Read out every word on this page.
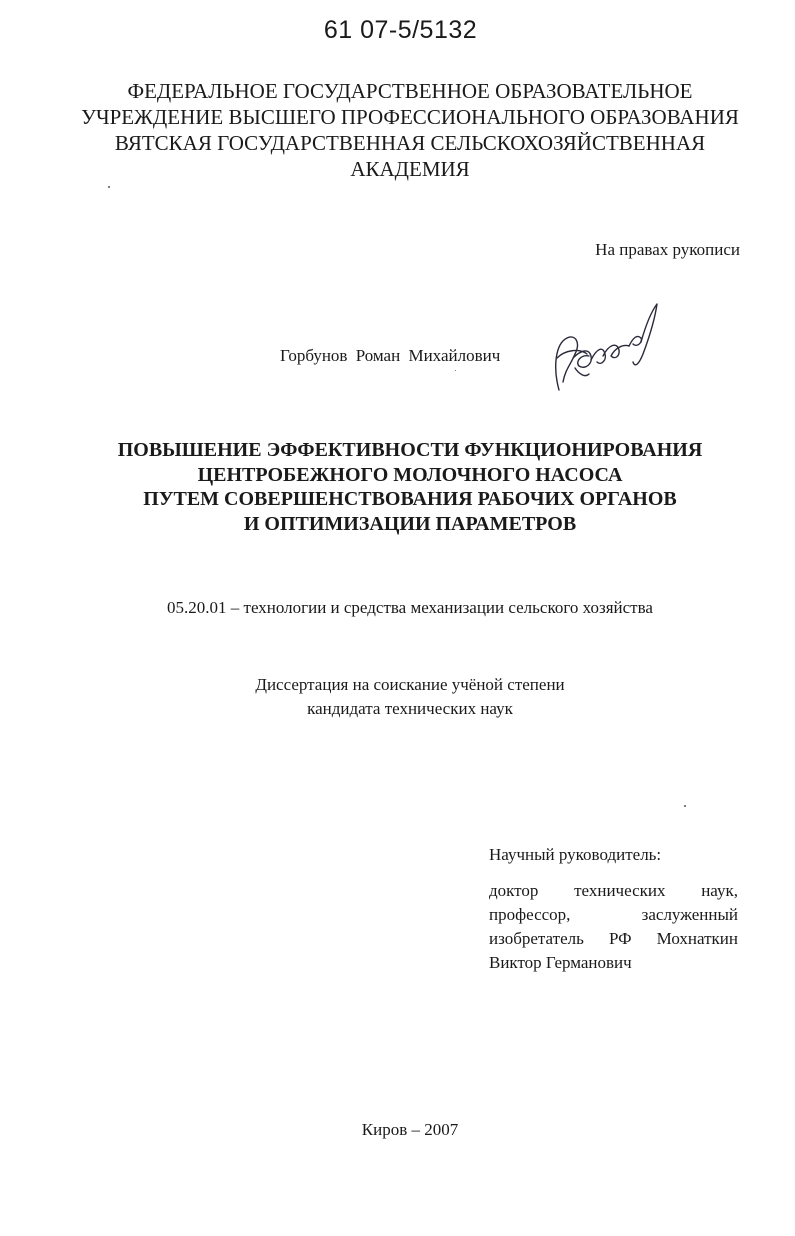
61 07-5/5132
ФЕДЕРАЛЬНОЕ ГОСУДАРСТВЕННОЕ ОБРАЗОВАТЕЛЬНОЕ
УЧРЕЖДЕНИЕ ВЫСШЕГО ПРОФЕССИОНАЛЬНОГО ОБРАЗОВАНИЯ
ВЯТСКАЯ ГОСУДАРСТВЕННАЯ СЕЛЬСКОХОЗЯЙСТВЕННАЯ
АКАДЕМИЯ
На правах рукописи
Горбунов Роман Михайлович
ПОВЫШЕНИЕ ЭФФЕКТИВНОСТИ ФУНКЦИОНИРОВАНИЯ
ЦЕНТРОБЕЖНОГО МОЛОЧНОГО НАСОСА
ПУТЕМ СОВЕРШЕНСТВОВАНИЯ РАБОЧИХ ОРГАНОВ
И ОПТИМИЗАЦИИ ПАРАМЕТРОВ
05.20.01 – технологии и средства механизации сельского хозяйства
Диссертация на соискание учёной степени
кандидата технических наук
Научный руководитель:
доктор технических наук,
профессор, заслуженный
изобретатель РФ Мохнаткин
Виктор Германович
Киров – 2007
